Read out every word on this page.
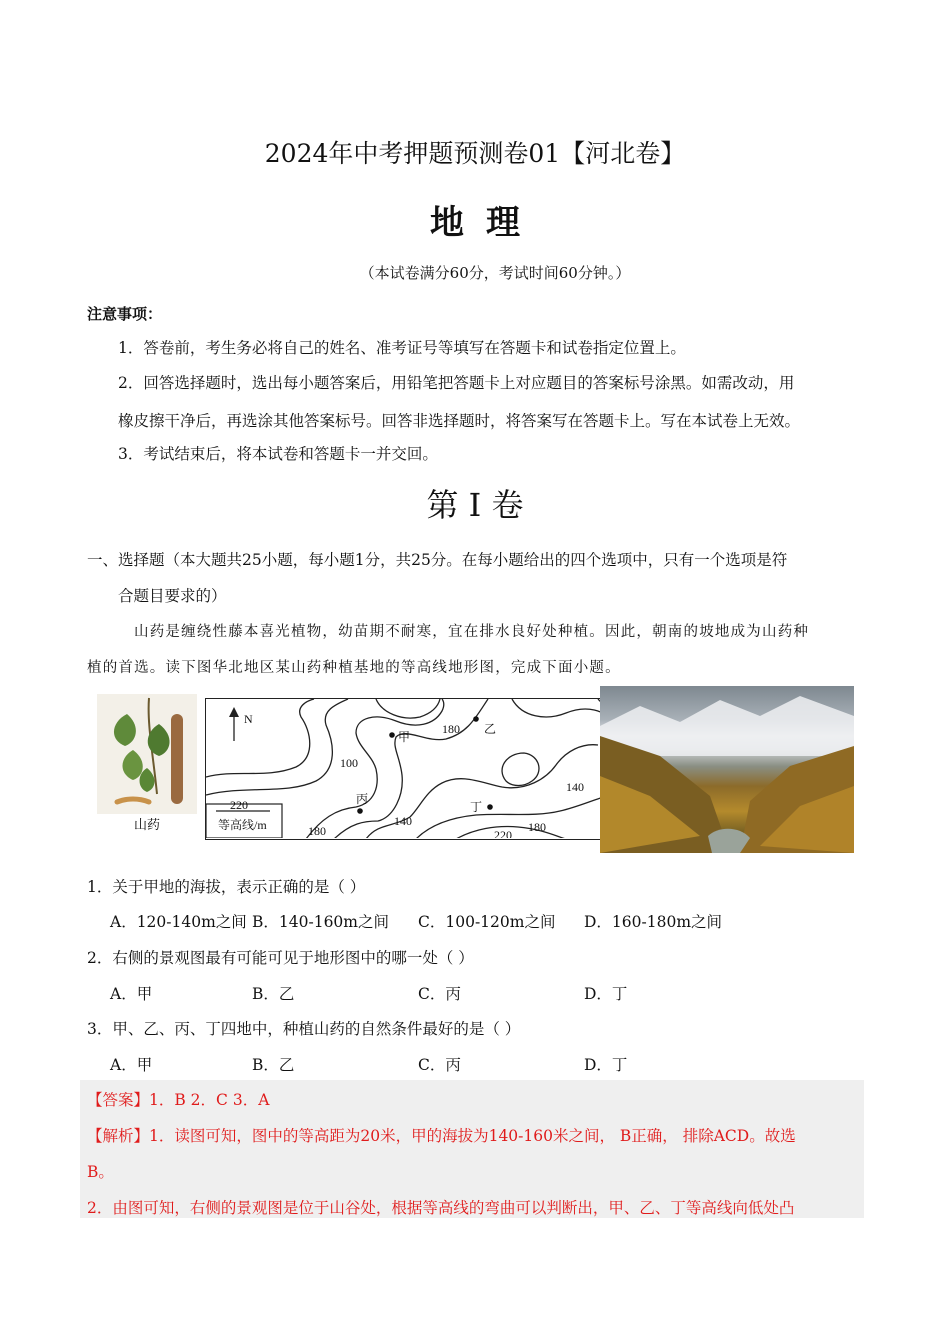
2024年中考押题预测卷01【河北卷】
地理
（本试卷满分60分，考试时间60分钟。）
注意事项：
1．答卷前，考生务必将自己的姓名、准考证号等填写在答题卡和试卷指定位置上。
2．回答选择题时，选出每小题答案后，用铅笔把答题卡上对应题目的答案标号涂黑。如需改动，用
橡皮擦干净后，再选涂其他答案标号。回答非选择题时，将答案写在答题卡上。写在本试卷上无效。
3．考试结束后，将本试卷和答题卡一并交回。
第 I 卷
一、选择题（本大题共25小题，每小题1分，共25分。在每小题给出的四个选项中，只有一个选项是符
合题目要求的）
山药是缠绕性藤本喜光植物，幼苗期不耐寒，宜在排水良好处种植。因此，朝南的坡地成为山药种
植的首选。读下图华北地区某山药种植基地的等高线地形图，完成下面小题。
山药
N
100
140
140
180
180
180	220
甲
乙
丙
丁
220
等高线/m
1．关于甲地的海拔，表示正确的是（ ）
A．120-140m之间 B．140-160m之间 C．100-120m之间 D．160-180m之间
2．右侧的景观图最有可能可见于地形图中的哪一处（ ）
A．甲	B．乙	C．丙	D．丁
3．甲、乙、丙、丁四地中，种植山药的自然条件最好的是（ ）
A．甲	B．乙	C．丙	D．丁
【答案】1．B 2．C 3．A
【解析】1．读图可知，图中的等高距为20米，甲的海拔为140-160米之间， B正确， 排除ACD。故选
B。
2．由图可知，右侧的景观图是位于山谷处，根据等高线的弯曲可以判断出，甲、乙、丁等高线向低处凸
